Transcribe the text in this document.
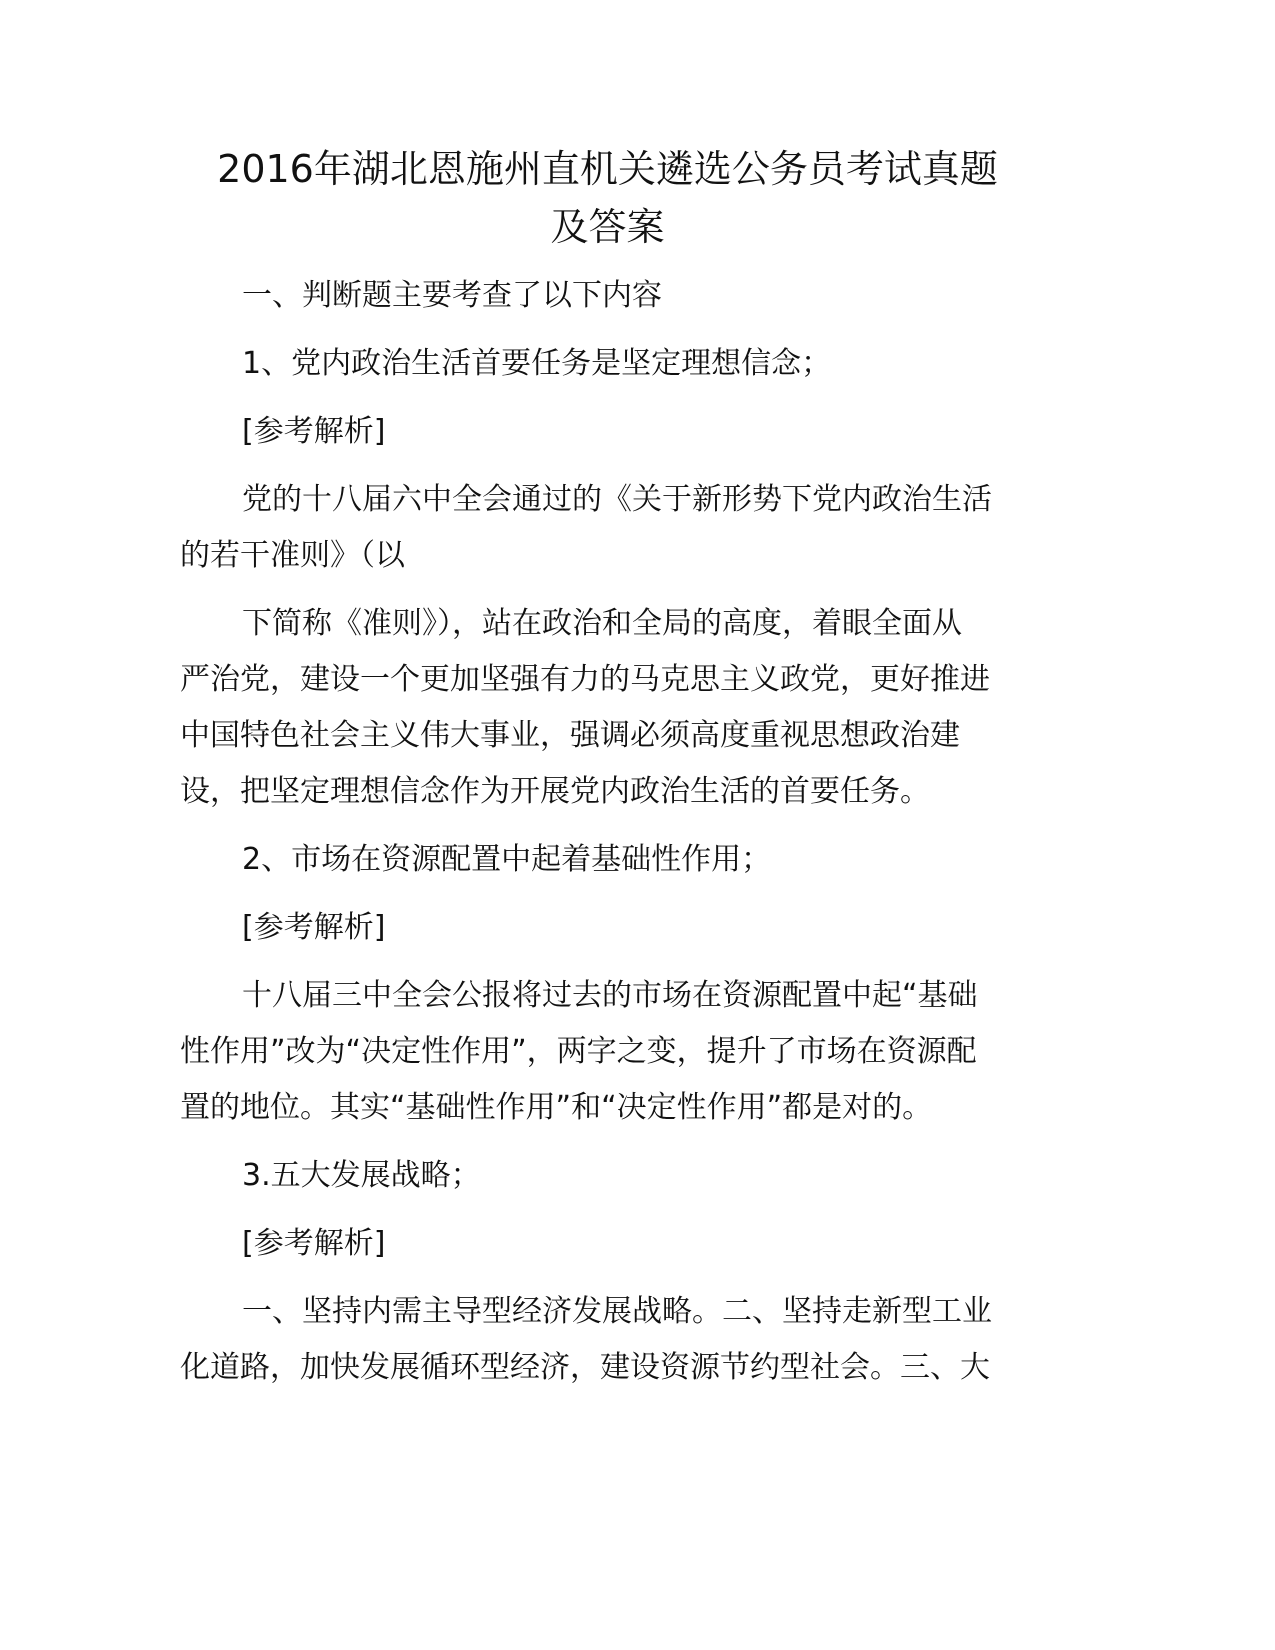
2016年湖北恩施州直机关遴选公务员考试真题
及答案

一、判断题主要考查了以下内容

1、党内政治生活首要任务是坚定理想信念；

[参考解析]

党的十八届六中全会通过的《关于新形势下党内政治生活
的若干准则》（以

下简称《准则》），站在政治和全局的高度，着眼全面从
严治党，建设一个更加坚强有力的马克思主义政党，更好推进
中国特色社会主义伟大事业，强调必须高度重视思想政治建
设，把坚定理想信念作为开展党内政治生活的首要任务。

2、市场在资源配置中起着基础性作用；

[参考解析]

十八届三中全会公报将过去的市场在资源配置中起“基础
性作用”改为“决定性作用”，两字之变，提升了市场在资源配
置的地位。其实“基础性作用”和“决定性作用”都是对的。

3.五大发展战略；

[参考解析]

一、坚持内需主导型经济发展战略。二、坚持走新型工业
化道路，加快发展循环型经济，建设资源节约型社会。三、大
